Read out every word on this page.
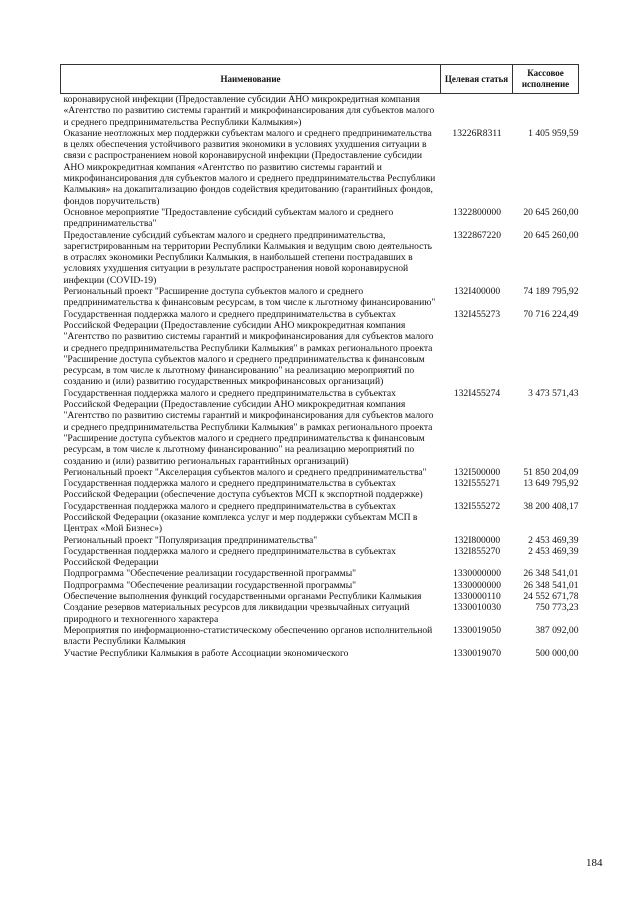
Наименование	Целевая статья	Кассовое исполнение
коронавирусной инфекции (Предоставление субсидии АНО микрокредитная компания «Агентство по развитию системы гарантий и микрофинансирования для субъектов малого и среднего предпринимательства Республики Калмыкия»)		
Оказание неотложных мер поддержки субъектам малого и среднего предпринимательства в целях обеспечения устойчивого развития экономики в условиях ухудшения ситуации в связи с распространением новой коронавирусной инфекции (Предоставление субсидии АНО микрокредитная компания «Агентство по развитию системы гарантий и микрофинансирования для субъектов малого и среднего предпринимательства Республики Калмыкия» на докапитализацию фондов содействия кредитованию (гарантийных фондов, фондов поручительств)	13226R8311	1 405 959,59
Основное мероприятие "Предоставление субсидий субъектам малого и среднего предпринимательства"	1322800000	20 645 260,00
Предоставление субсидий субъектам малого и среднего предпринимательства, зарегистрированным на территории Республики Калмыкия и ведущим свою деятельность в отраслях экономики Республики Калмыкия, в наибольшей степени пострадавших в условиях ухудшения ситуации в результате распространения новой коронавирусной инфекции (COVID-19)	1322867220	20 645 260,00
Региональный проект "Расширение доступа субъектов малого и среднего предпринимательства к финансовым ресурсам, в том числе к льготному финансированию"	132I400000	74 189 795,92
Государственная поддержка малого и среднего предпринимательства в субъектах Российской Федерации (Предоставление субсидии АНО микрокредитная компания "Агентство по развитию системы гарантий и микрофинансирования для субъектов малого и среднего предпринимательства Республики Калмыкия" в рамках регионального проекта "Расширение доступа субъектов малого и среднего предпринимательства к финансовым ресурсам, в том числе к льготному финансированию" на реализацию мероприятий по созданию и (или) развитию государственных микрофинансовых организаций)	132I455273	70 716 224,49
Государственная поддержка малого и среднего предпринимательства в субъектах Российской Федерации (Предоставление субсидии АНО микрокредитная компания "Агентство по развитию системы гарантий и микрофинансирования для субъектов малого и среднего предпринимательства Республики Калмыкия" в рамках регионального проекта "Расширение доступа субъектов малого и среднего предпринимательства к финансовым ресурсам, в том числе к льготному финансированию" на реализацию мероприятий по созданию и (или) развитию региональных гарантийных организаций)	132I455274	3 473 571,43
Региональный проект "Акселерация субъектов малого и среднего предпринимательства"	132I500000	51 850 204,09
Государственная поддержка малого и среднего предпринимательства в субъектах Российской Федерации (обеспечение доступа субъектов МСП к экспортной поддержке)	132I555271	13 649 795,92
Государственная поддержка малого и среднего предпринимательства в субъектах Российской Федерации (оказание комплекса услуг и мер поддержки субъектам МСП в Центрах «Мой Бизнес»)	132I555272	38 200 408,17
Региональный проект "Популяризация предпринимательства"	132I800000	2 453 469,39
Государственная поддержка малого и среднего предпринимательства в субъектах Российской Федерации	132I855270	2 453 469,39
Подпрограмма "Обеспечение реализации государственной программы"	1330000000	26 348 541,01
Подпрограмма "Обеспечение реализации государственной программы"	1330000000	26 348 541,01
Обеспечение выполнения функций государственными органами Республики Калмыкия	1330000110	24 552 671,78
Создание резервов материальных ресурсов для ликвидации чрезвычайных ситуаций природного и техногенного характера	1330010030	750 773,23
Мероприятия по информационно-статистическому обеспечению органов исполнительной власти Республики Калмыкия	1330019050	387 092,00
Участие Республики Калмыкия в работе Ассоциации экономического	1330019070	500 000,00
184
